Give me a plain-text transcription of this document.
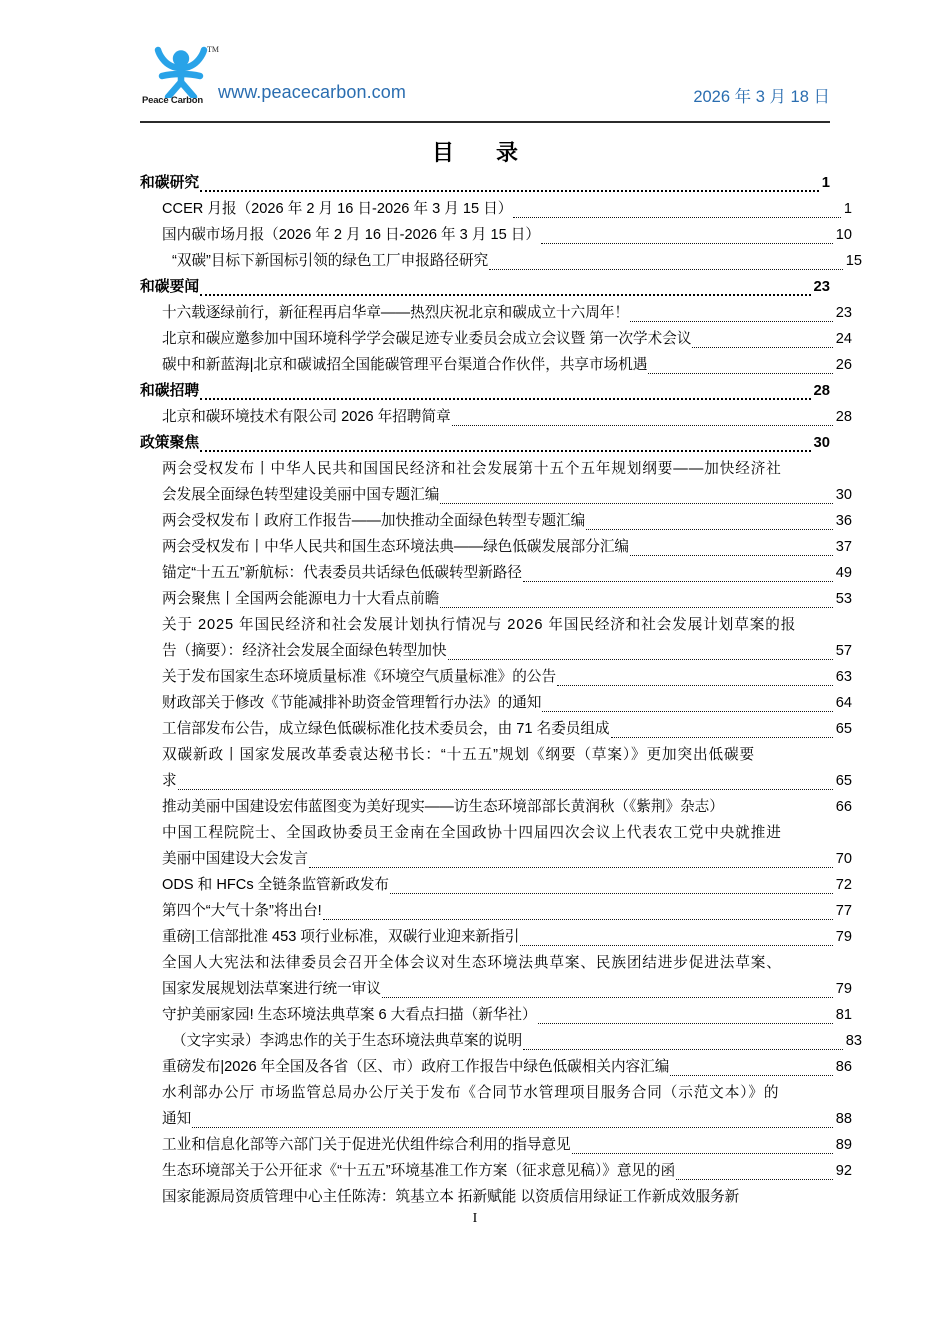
TM
Peace Carbon www.peacecarbon.com	2026 年 3 月 18 日
目　录
和碳研究	1
CCER 月报（2026 年 2 月 16 日-2026 年 3 月 15 日）	1
国内碳市场月报（2026 年 2 月 16 日-2026 年 3 月 15 日）	10
“双碳”目标下新国标引领的绿色工厂申报路径研究	15
和碳要闻	23
十六载逐绿前行，新征程再启华章——热烈庆祝北京和碳成立十六周年！	23
北京和碳应邀参加中国环境科学学会碳足迹专业委员会成立会议暨 第一次学术会议	24
碳中和新蓝海|北京和碳诚招全国能碳管理平台渠道合作伙伴，共享市场机遇	26
和碳招聘	28
北京和碳环境技术有限公司 2026 年招聘简章	28
政策聚焦	30
两会受权发布丨中华人民共和国国民经济和社会发展第十五个五年规划纲要——加快经济社
会发展全面绿色转型建设美丽中国专题汇编	30
两会受权发布丨政府工作报告——加快推动全面绿色转型专题汇编	36
两会受权发布丨中华人民共和国生态环境法典——绿色低碳发展部分汇编	37
锚定“十五五”新航标：代表委员共话绿色低碳转型新路径	49
两会聚焦丨全国两会能源电力十大看点前瞻	53
关于 2025 年国民经济和社会发展计划执行情况与 2026 年国民经济和社会发展计划草案的报
告（摘要）：经济社会发展全面绿色转型加快	57
关于发布国家生态环境质量标准《环境空气质量标准》的公告	63
财政部关于修改《节能减排补助资金管理暂行办法》的通知	64
工信部发布公告，成立绿色低碳标准化技术委员会，由 71 名委员组成	65
双碳新政丨国家发展改革委袁达秘书长：“十五五”规划《纲要（草案）》更加突出低碳要
求	65
推动美丽中国建设宏伟蓝图变为美好现实——访生态环境部部长黄润秋（《紫荆》杂志）	66
中国工程院院士、全国政协委员王金南在全国政协十四届四次会议上代表农工党中央就推进
美丽中国建设大会发言	70
ODS 和 HFCs 全链条监管新政发布	72
第四个“大气十条”将出台!	77
重磅|工信部批准 453 项行业标准，双碳行业迎来新指引	79
全国人大宪法和法律委员会召开全体会议对生态环境法典草案、民族团结进步促进法草案、
国家发展规划法草案进行统一审议	79
守护美丽家园! 生态环境法典草案 6 大看点扫描（新华社）	81
（文字实录）李鸿忠作的关于生态环境法典草案的说明	83
重磅发布|2026 年全国及各省（区、市）政府工作报告中绿色低碳相关内容汇编	86
水利部办公厅 市场监管总局办公厅关于发布《合同节水管理项目服务合同（示范文本）》的
通知	88
工业和信息化部等六部门关于促进光伏组件综合利用的指导意见	89
生态环境部关于公开征求《“十五五”环境基准工作方案（征求意见稿）》意见的函	92
国家能源局资质管理中心主任陈涛：筑基立本 拓新赋能 以资质信用绿证工作新成效服务新
I
